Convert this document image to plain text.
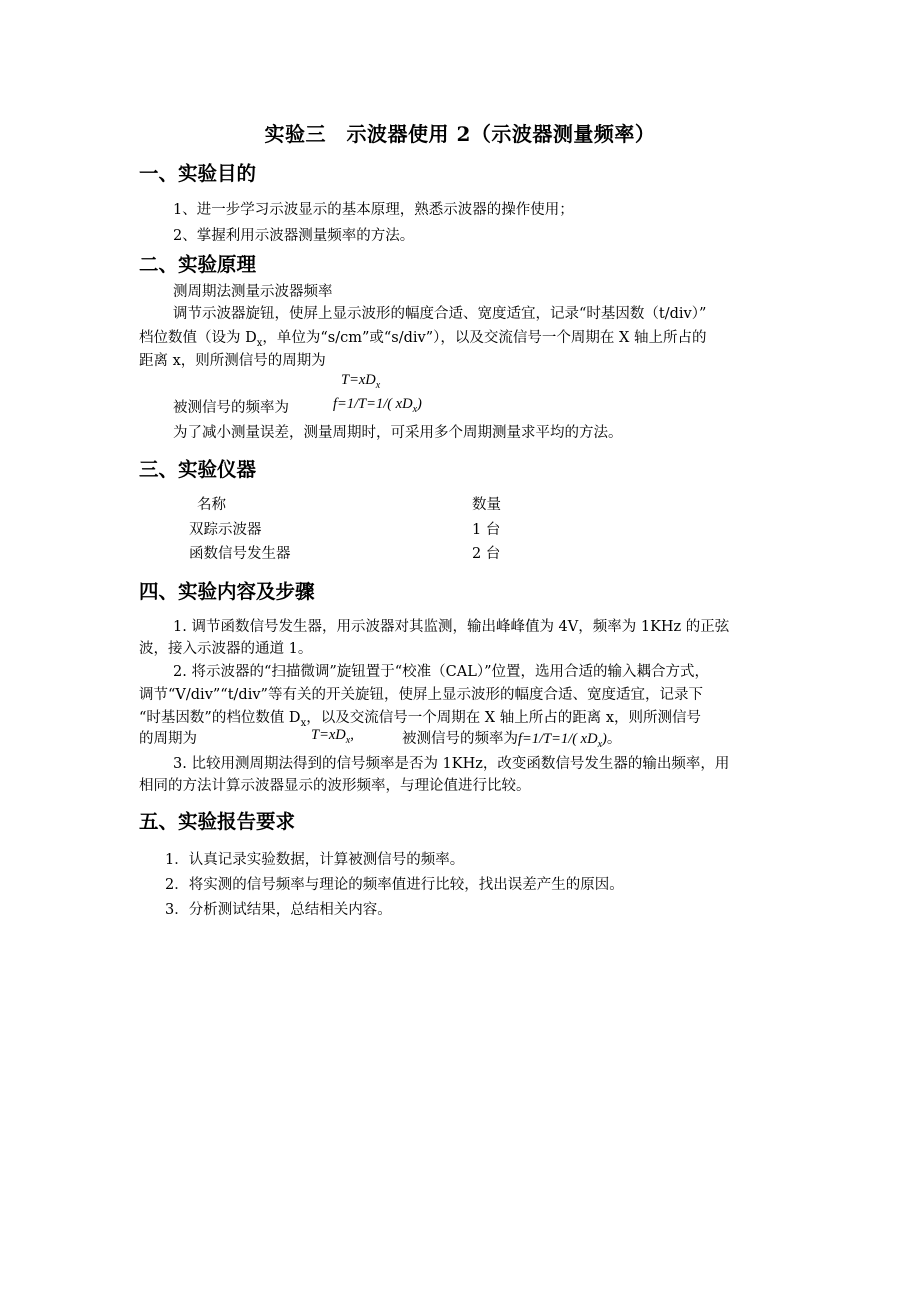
实验三　示波器使用 2（示波器测量频率）
一、实验目的
1、进一步学习示波显示的基本原理，熟悉示波器的操作使用；
2、掌握利用示波器测量频率的方法。
二、实验原理
测周期法测量示波器频率
调节示波器旋钮，使屏上显示波形的幅度合适、宽度适宜，记录“时基因数（t/div）”
档位数值（设为 $D_x$，单位为“s/cm”或“s/div”），以及交流信号一个周期在 X 轴上所占的
距离 x，则所测信号的周期为
$T=xD_x$
被测信号的频率为	f=1/T=1/( $xD_x$)
为了减小测量误差，测量周期时，可采用多个周期测量求平均的方法。
三、实验仪器
名称	数量
双踪示波器	1 台
函数信号发生器	2 台
四、实验内容及步骤
1. 调节函数信号发生器，用示波器对其监测，输出峰峰值为 4V，频率为 1KHz 的正弦
波，接入示波器的通道 1。
2. 将示波器的“扫描微调”旋钮置于“校准（CAL）”位置，选用合适的输入耦合方式，
调节“V/div”“t/div”等有关的开关旋钮，使屏上显示波形的幅度合适、宽度适宜，记录下
“时基因数”的档位数值 $D_x$，以及交流信号一个周期在 X 轴上所占的距离 x，则所测信号
的周期为	$T=xD_x$,	被测信号的频率为f=1/T=1/( $xD_x$)。
3. 比较用测周期法得到的信号频率是否为 1KHz，改变函数信号发生器的输出频率，用
相同的方法计算示波器显示的波形频率，与理论值进行比较。
五、实验报告要求
1．认真记录实验数据，计算被测信号的频率。
2．将实测的信号频率与理论的频率值进行比较，找出误差产生的原因。
3．分析测试结果，总结相关内容。
